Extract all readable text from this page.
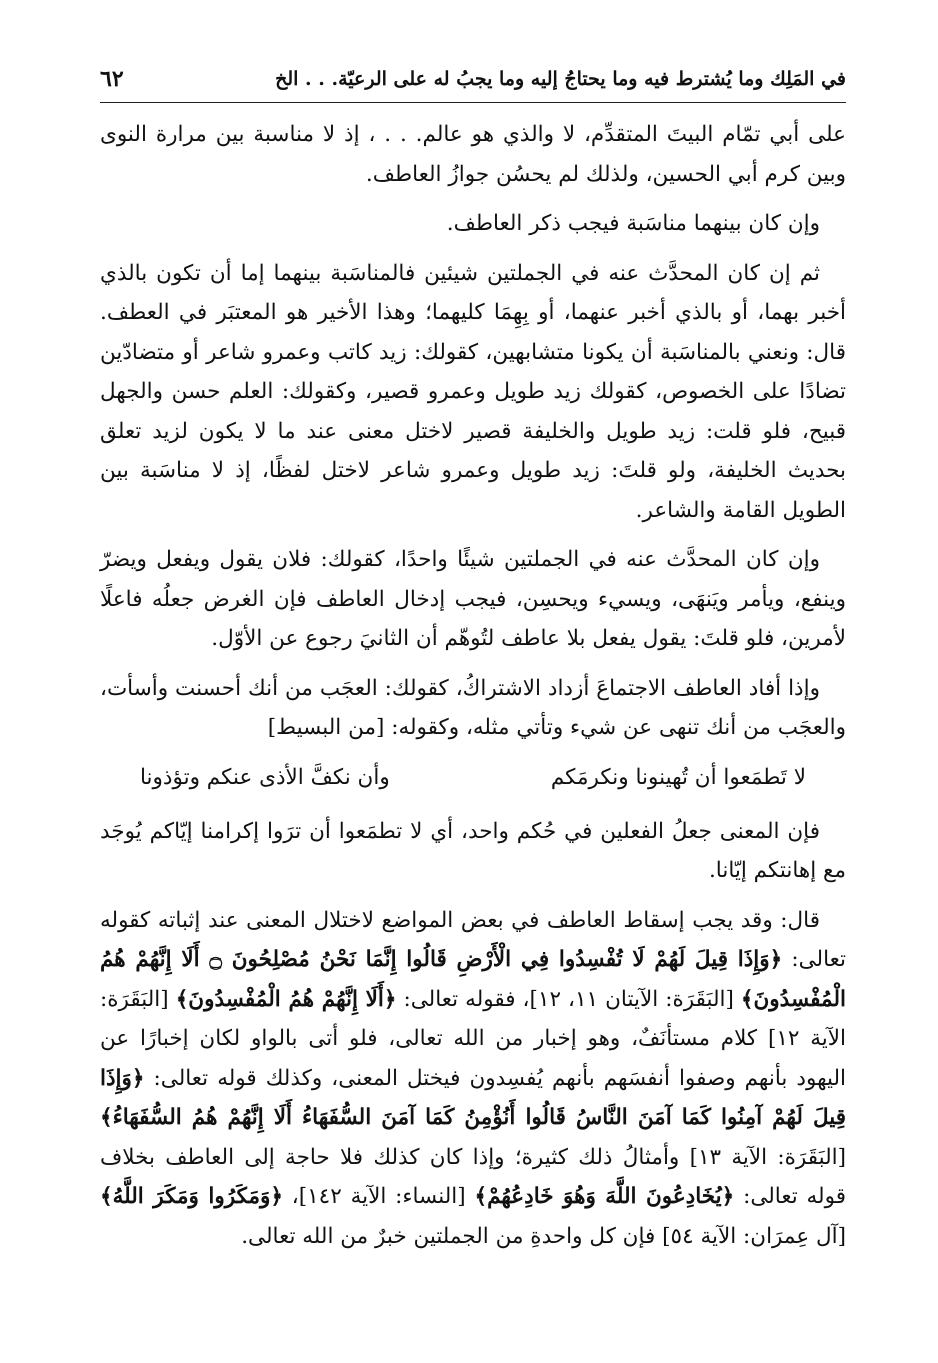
في المَلِك وما يُشترط فيه وما يحتاجُ إليه وما يجبُ له على الرعيّة. . . الخ
٦٢

على أبي تمّام البيتَ المتقدِّم، لا والذي هو عالم. . . ، إذ لا مناسبة بين مرارة النوى وبين كرم أبي الحسين، ولذلك لم يحسُن جوازُ العاطف.

وإن كان بينهما مناسَبة فيجب ذكر العاطف.

ثم إن كان المحدَّث عنه في الجملتين شيئين فالمناسَبة بينهما إما أن تكون بالذي أخبر بهما، أو بالذي أخبر عنهما، أو بِهِمَا كليهما؛ وهذا الأخير هو المعتبَر في العطف. قال: ونعني بالمناسَبة أن يكونا متشابهين، كقولك: زيد كاتب وعمرو شاعر أو متضادّين تضادًا على الخصوص، كقولك زيد طويل وعمرو قصير، وكقولك: العلم حسن والجهل قبيح، فلو قلت: زيد طويل والخليفة قصير لاختل معنى عند ما لا يكون لزيد تعلق بحديث الخليفة، ولو قلتَ: زيد طويل وعمرو شاعر لاختل لفظًا، إذ لا مناسَبة بين الطويل القامة والشاعر.

وإن كان المحدَّث عنه في الجملتين شيئًا واحدًا، كقولك: فلان يقول ويفعل ويضرّ وينفع، ويأمر ويَنهَى، ويسيء ويحسِن، فيجب إدخال العاطف فإن الغرض جعلُه فاعلًا لأمرين، فلو قلتَ: يقول يفعل بلا عاطف لتُوهّم أن الثانيَ رجوع عن الأوّل.

وإذا أفاد العاطف الاجتماعَ أزداد الاشتراكُ، كقولك: العجَب من أنك أحسنت وأسأت، والعجَب من أنك تنهى عن شيء وتأتي مثله، وكقوله: [من البسيط]

لا تَطمَعوا أن تُهينونا ونكرمَكم
وأن نكفَّ الأذى عنكم وتؤذونا

فإن المعنى جعلُ الفعلين في حُكم واحد، أي لا تطمَعوا أن ترَوا إكرامنا إيّاكم يُوجَد مع إهانتكم إيّانا.

قال: وقد يجب إسقاط العاطف في بعض المواضع لاختلال المعنى عند إثباته كقوله تعالى: ﴿وَإِذَا قِيلَ لَهُمْ لَا تُفْسِدُوا فِي الْأَرْضِ قَالُوا إِنَّمَا نَحْنُ مُصْلِحُونَ ۝ أَلَا إِنَّهُمْ هُمُ الْمُفْسِدُونَ﴾ [البَقَرَة: الآيتان ١١، ١٢]، فقوله تعالى: ﴿أَلَا إِنَّهُمْ هُمُ الْمُفْسِدُونَ﴾ [البَقَرَة: الآية ١٢] كلام مستأنَفٌ، وهو إخبار من الله تعالى، فلو أتى بالواو لكان إخبارًا عن اليهود بأنهم وصفوا أنفسَهم بأنهم يُفسِدون فيختل المعنى، وكذلك قوله تعالى: ﴿وَإِذَا قِيلَ لَهُمْ آمِنُوا كَمَا آمَنَ النَّاسُ قَالُوا أَنُؤْمِنُ كَمَا آمَنَ السُّفَهَاءُ أَلَا إِنَّهُمْ هُمُ السُّفَهَاءُ﴾ [البَقَرَة: الآية ١٣] وأمثالُ ذلك كثيرة؛ وإذا كان كذلك فلا حاجة إلى العاطف بخلاف قوله تعالى: ﴿يُخَادِعُونَ اللَّهَ وَهُوَ خَادِعُهُمْ﴾ [النساء: الآية ١٤٢]، ﴿وَمَكَرُوا وَمَكَرَ اللَّهُ﴾ [آل عِمرَان: الآية ٥٤] فإن كل واحدةِ من الجملتين خبرٌ من الله تعالى.
